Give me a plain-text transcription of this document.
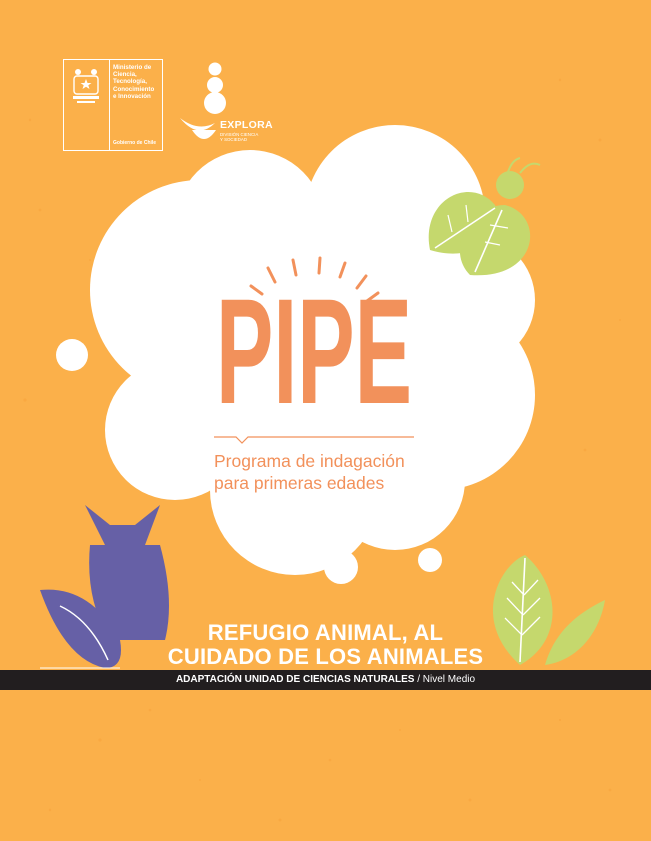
Ministerio de
Ciencia,
Tecnología,
Conocimiento
e Innovación
Gobierno de Chile
EXPLORA
DIVISIÓN CIENCIA
Y SOCIEDAD
PIPE
Programa de indagación
para primeras edades
REFUGIO ANIMAL, AL
CUIDADO DE LOS ANIMALES
ADAPTACIÓN UNIDAD DE CIENCIAS NATURALES / Nivel Medio
